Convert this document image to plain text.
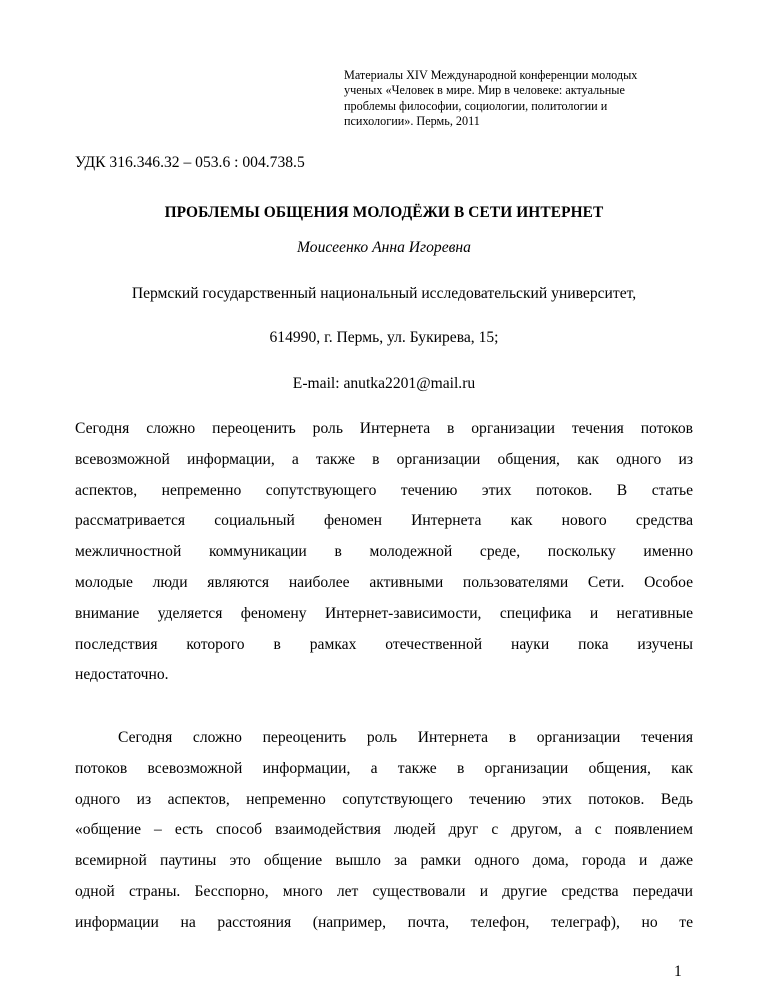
Материалы XIV Международной конференции молодых
ученых «Человек в мире. Мир в человеке: актуальные
проблемы философии, социологии, политологии и
психологии». Пермь, 2011
УДК 316.346.32 – 053.6 : 004.738.5
ПРОБЛЕМЫ ОБЩЕНИЯ МОЛОДЁЖИ В СЕТИ ИНТЕРНЕТ
Моисеенко Анна Игоревна
Пермский государственный национальный исследовательский университет,
614990, г. Пермь, ул. Букирева, 15;
E-mail: anutka2201@mail.ru
Сегодня сложно переоценить роль Интернета в организации течения потоков
всевозможной информации, а также в организации общения, как одного из
аспектов, непременно сопутствующего течению этих потоков. В статье
рассматривается социальный феномен Интернета как нового средства
межличностной коммуникации в молодежной среде, поскольку именно
молодые люди являются наиболее активными пользователями Сети. Особое
внимание уделяется феномену Интернет-зависимости, специфика и негативные
последствия которого в рамках отечественной науки пока изучены
недостаточно.
Сегодня сложно переоценить роль Интернета в организации течения
потоков всевозможной информации, а также в организации общения, как
одного из аспектов, непременно сопутствующего течению этих потоков. Ведь
«общение – есть способ взаимодействия людей друг с другом, а с появлением
всемирной паутины это общение вышло за рамки одного дома, города и даже
одной страны. Бесспорно, много лет существовали и другие средства передачи
информации на расстояния (например, почта, телефон, телеграф), но те
1
